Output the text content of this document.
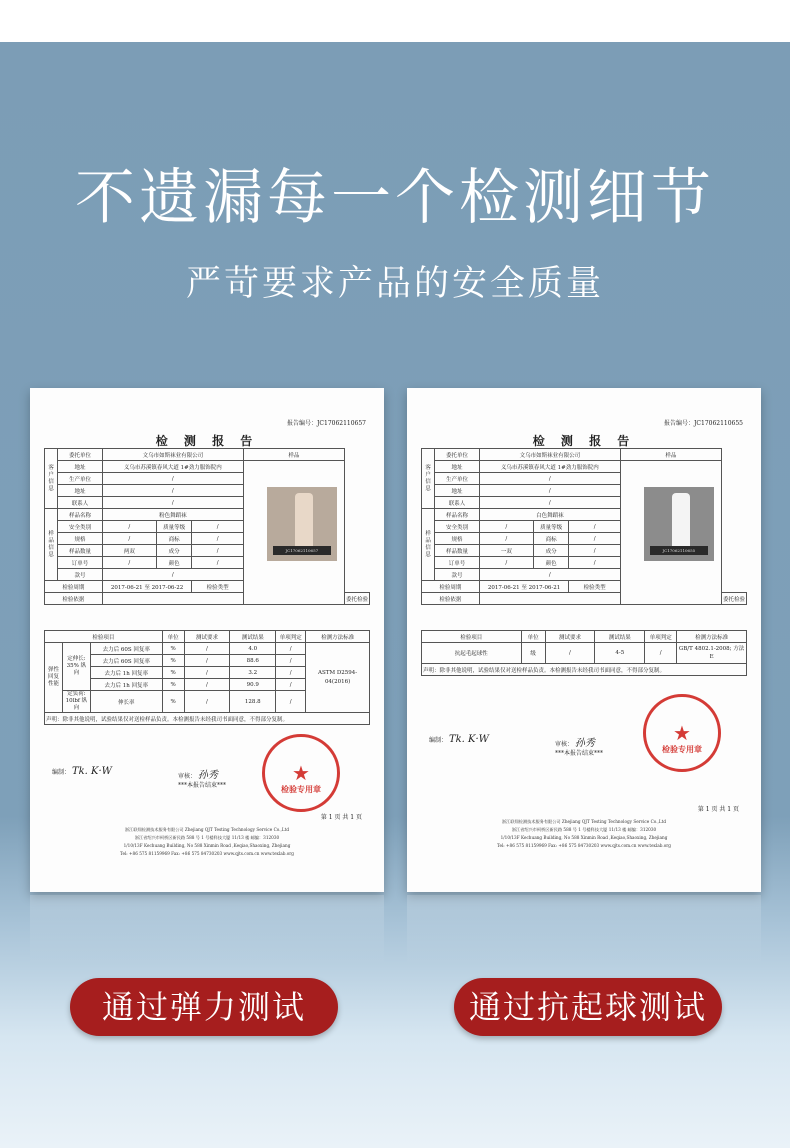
不遗漏每一个检测细节
严苛要求产品的安全质量
报告编号：JC17062110657
检 测 报 告
客户信息	委托单位	文乌市如斯袜业有限公司			样品	
	地址	义乌市苏溪镇春风大道 1#劲力服饰院内			JC17062110657	

	生产单位	/				
	地址	/				
	联系人	/				
样品信息	样品名称	粉色舞蹈袜				
	安全类别	/	质量等级	/		
	规格	/	商标	/		
	样品数量	两双	成分	/		
	订单号	/	颜色	/		
	款号	/				
检验周期		2017-06-21 至 2017-06-22		检验类型		
检验依据						委托检验
检验项目			单位	测试要求	测试结果	单项判定	检测方法标准
弹性回复性能	定伸长: 35% 纵向	去力后 60S 回复率	%	/	4.0	/	ASTM D2594-04(2016)
		去力后 60S 回复率	%	/	88.6	/	
		去力后 1h 回复率	%	/	3.2	/	
		去力后 1h 回复率	%	/	90.9	/	
	定负荷: 10lbf 纵向	伸长率	%	/	128.8	/	
声明：除非其他说明，试验结果仅对送检样品负责。本检测报告未经我司书面同意，不得部分复制。							
编制： Tk. K·W	审核： 孙秀
***本报告结束***
★
检验专用章
第 1 页 共 1 页
浙江联翔检测技术服务有限公司 Zhejiang QJT Testing Technology Service Co.,Ltd
浙江省绍兴市柯桥区新民路 588 号 1 号楼科技大厦 11/13 楼 邮编：312030
1/10/13F Kechuang Building, No 588 Xinmin Road ,Keqiao,Shaoxing, Zhejiang
Tel: +86 575 81159969 Fax: +86 575 84730203 www.qjts.com.cn www.texlab.org
报告编号：JC17062110655
检 测 报 告
客户信息	委托单位	文乌市如斯袜业有限公司			样品	
	地址	义乌市苏溪镇春风大道 1#劲力服饰院内			JC17062110655	

	生产单位	/				
	地址	/				
	联系人	/				
样品信息	样品名称	白色舞蹈袜				
	安全类别	/	质量等级	/		
	规格	/	商标	/		
	样品数量	一双	成分	/		
	订单号	/	颜色	/		
	款号	/				
检验周期		2017-06-21 至 2017-06-21		检验类型		
检验依据						委托检验
检验项目	单位	测试要求	测试结果	单项判定	检测方法标准
抗起毛起球性	级	/	4-5	/	GB/T 4802.1-2008; 方法 E
声明：除非其他说明，试验结果仅对送检样品负责。本检测报告未经我司书面同意，不得部分复制。					
编制： Tk. K·W	审核： 孙秀
***本报告结束***
★
检验专用章
第 1 页 共 1 页
浙江联翔检测技术服务有限公司 Zhejiang QJT Testing Technology Service Co.,Ltd
浙江省绍兴市柯桥区新民路 588 号 1 号楼科技大厦 11/13 楼 邮编：312030
1/10/13F Kechuang Building, No 588 Xinmin Road ,Keqiao,Shaoxing, Zhejiang
Tel: +86 575 81159969 Fax: +86 575 84730203 www.qjts.com.cn www.texlab.org
通过弹力测试	通过抗起球测试
